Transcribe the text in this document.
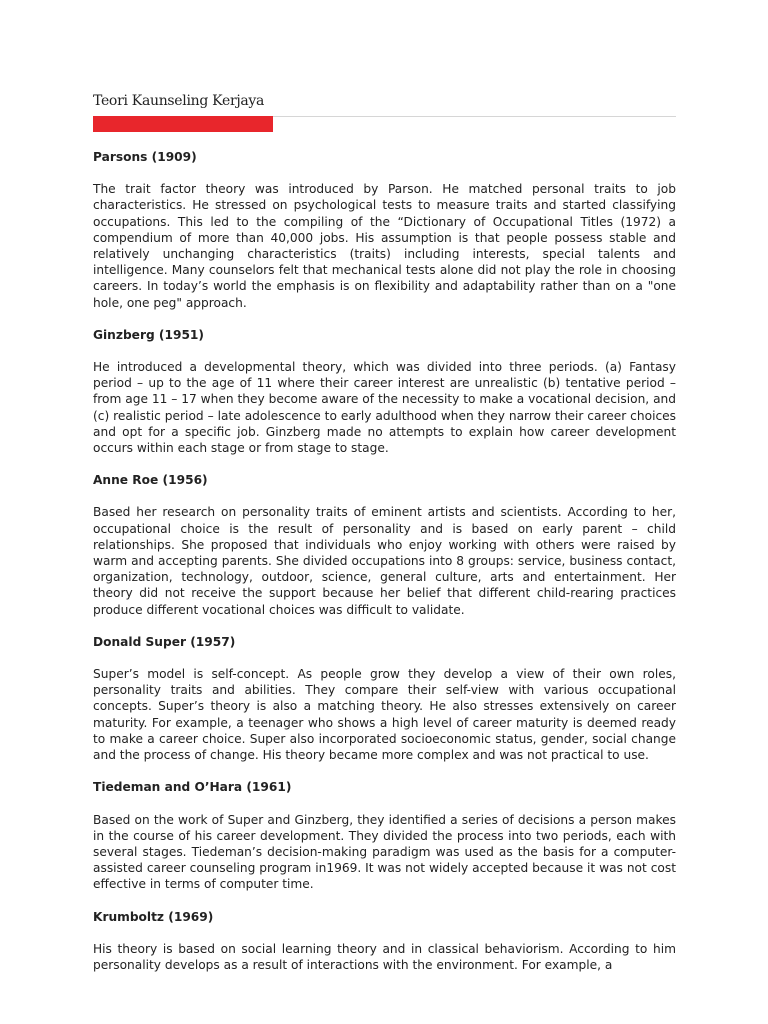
Teori Kaunseling Kerjaya

Parsons (1909)

The trait factor theory was introduced by Parson. He matched personal traits to job characteristics. He stressed on psychological tests to measure traits and started classifying occupations. This led to the compiling of the “Dictionary of Occupational Titles (1972) a compendium of more than 40,000 jobs. His assumption is that people possess stable and relatively unchanging characteristics (traits) including interests, special talents and intelligence. Many counselors felt that mechanical tests alone did not play the role in choosing careers. In today’s world the emphasis is on flexibility and adaptability rather than on a "one hole, one peg" approach.

Ginzberg (1951)

He introduced a developmental theory, which was divided into three periods. (a) Fantasy period – up to the age of 11 where their career interest are unrealistic (b) tentative period – from age 11 – 17 when they become aware of the necessity to make a vocational decision, and (c) realistic period – late adolescence to early adulthood when they narrow their career choices and opt for a specific job. Ginzberg made no attempts to explain how career development occurs within each stage or from stage to stage.

Anne Roe (1956)

Based her research on personality traits of eminent artists and scientists. According to her, occupational choice is the result of personality and is based on early parent – child relationships. She proposed that individuals who enjoy working with others were raised by warm and accepting parents. She divided occupations into 8 groups: service, business contact, organization, technology, outdoor, science, general culture, arts and entertainment. Her theory did not receive the support because her belief that different child-rearing practices produce different vocational choices was difficult to validate.

Donald Super (1957)

Super’s model is self-concept. As people grow they develop a view of their own roles, personality traits and abilities. They compare their self-view with various occupational concepts. Super’s theory is also a matching theory. He also stresses extensively on career maturity. For example, a teenager who shows a high level of career maturity is deemed ready to make a career choice. Super also incorporated socioeconomic status, gender, social change and the process of change. His theory became more complex and was not practical to use.

Tiedeman and O’Hara (1961)

Based on the work of Super and Ginzberg, they identified a series of decisions a person makes in the course of his career development. They divided the process into two periods, each with several stages. Tiedeman’s decision-making paradigm was used as the basis for a computer-assisted career counseling program in1969. It was not widely accepted because it was not cost effective in terms of computer time.

Krumboltz (1969)

His theory is based on social learning theory and in classical behaviorism. According to him personality develops as a result of interactions with the environment. For example, a
